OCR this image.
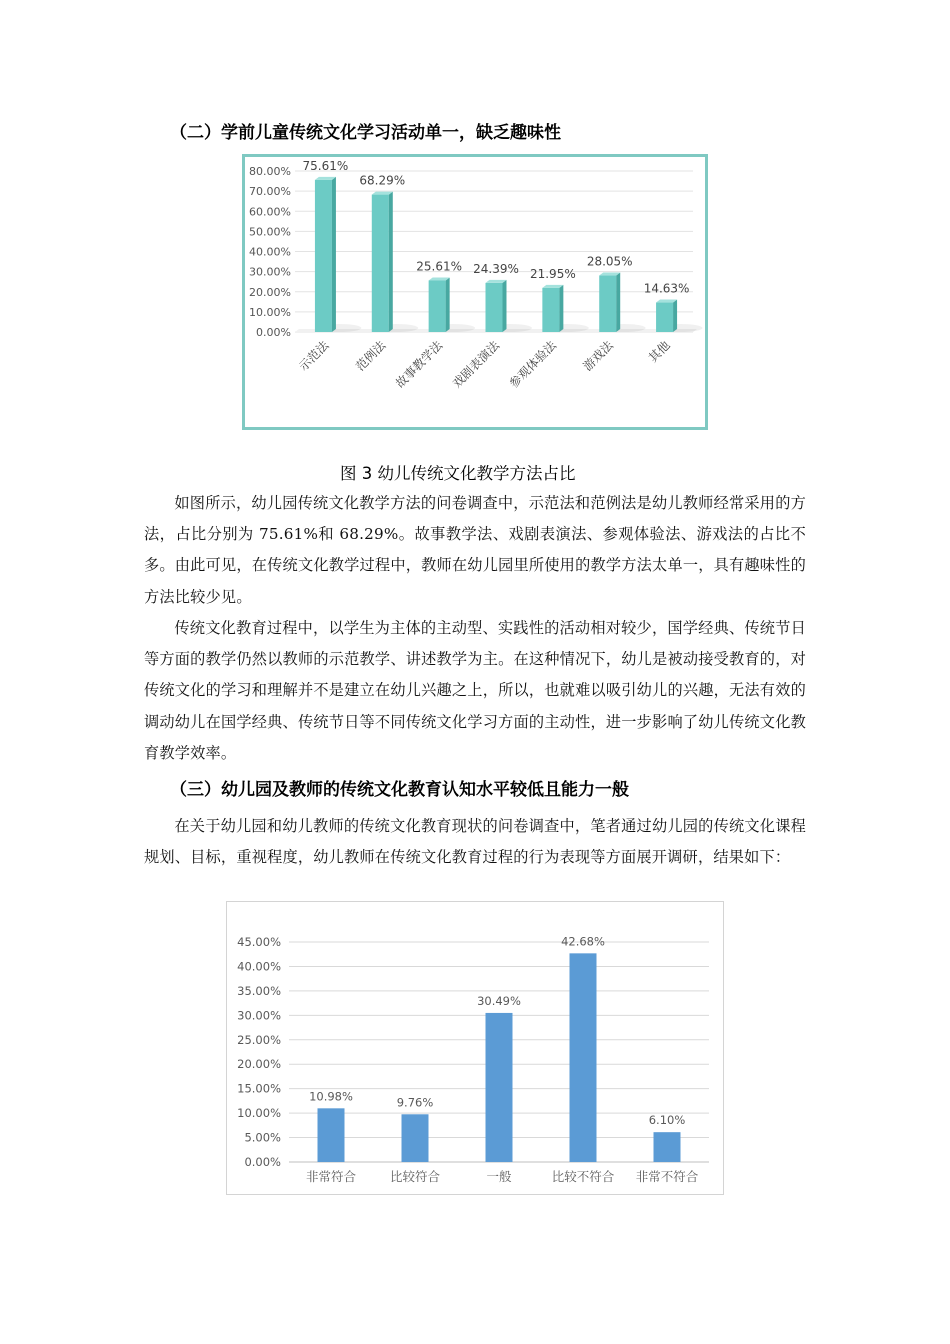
（二）学前儿童传统文化学习活动单一，缺乏趣味性
0.00%
10.00%
20.00%
30.00%
40.00%
50.00%
60.00%
70.00%
80.00% 75.61%
68.29%
25.61% 24.39% 21.95%
28.05%
14.63%
示范法 范例法 故事教学法 戏剧表演法 参观体验法 游戏法 其他
图 3 幼儿传统文化教学方法占比
如图所示，幼儿园传统文化教学方法的问卷调查中，示范法和范例法是幼儿教师经常采用的方法，占比分别为 75.61%和 68.29%。故事教学法、戏剧表演法、参观体验法、游戏法的占比不多。由此可见，在传统文化教学过程中，教师在幼儿园里所使用的教学方法太单一，具有趣味性的方法比较少见。
传统文化教育过程中，以学生为主体的主动型、实践性的活动相对较少，国学经典、传统节日等方面的教学仍然以教师的示范教学、讲述教学为主。在这种情况下，幼儿是被动接受教育的，对传统文化的学习和理解并不是建立在幼儿兴趣之上，所以，也就难以吸引幼儿的兴趣，无法有效的调动幼儿在国学经典、传统节日等不同传统文化学习方面的主动性，进一步影响了幼儿传统文化教育教学效率。
（三）幼儿园及教师的传统文化教育认知水平较低且能力一般
在关于幼儿园和幼儿教师的传统文化教育现状的问卷调查中，笔者通过幼儿园的传统文化课程规划、目标，重视程度，幼儿教师在传统文化教育过程的行为表现等方面展开调研，结果如下：
0.00%
5.00%
10.00%
15.00%
20.00%
25.00%
30.00%
35.00%
40.00%
45.00%
10.98%	9.76%
30.49%
42.68%
6.10%
非常符合	比较符合	一般	比较不符合 非常不符合
